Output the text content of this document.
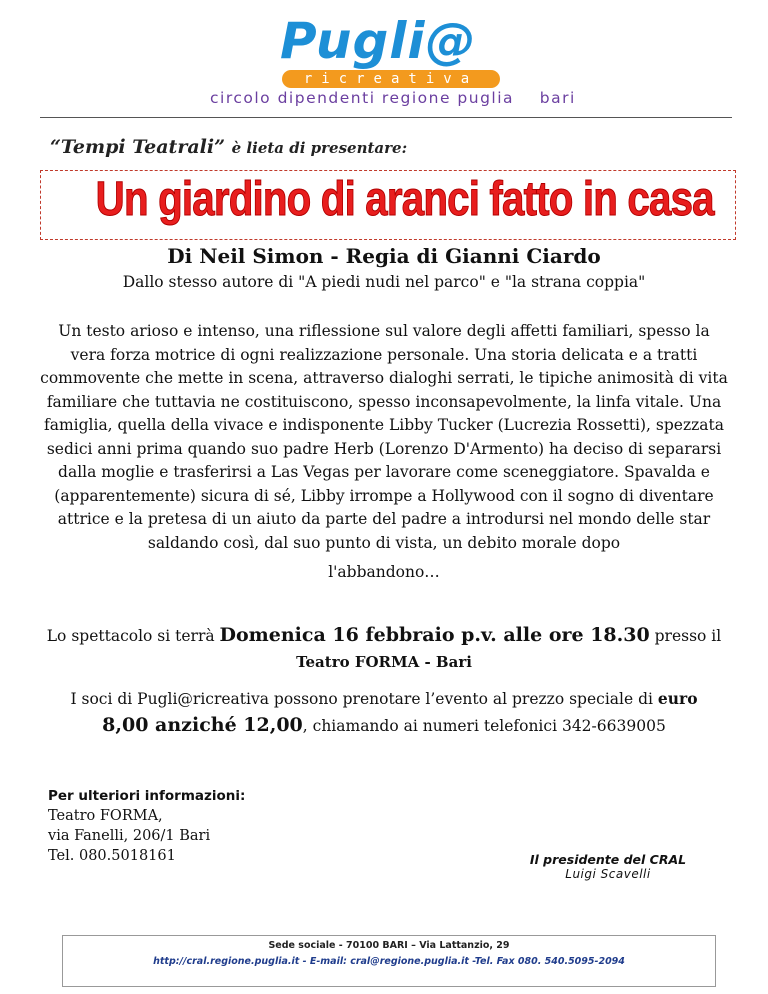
Pugli@
ricreativa
circolo dipendenti regione puglia    bari
“Tempi Teatrali” è lieta di presentare:
Un giardino di aranci fatto in casa
Di Neil Simon - Regia di Gianni Ciardo
Dallo stesso autore di "A piedi nudi nel parco" e "la strana coppia"
Un testo arioso e intenso, una riflessione sul valore degli affetti familiari, spesso la vera forza motrice di ogni realizzazione personale. Una storia delicata e a tratti commovente che mette in scena, attraverso dialoghi serrati, le tipiche animosità di vita familiare che tuttavia ne costituiscono, spesso inconsapevolmente, la linfa vitale. Una famiglia, quella della vivace e indisponente Libby Tucker (Lucrezia Rossetti), spezzata sedici anni prima quando suo padre Herb (Lorenzo D'Armento) ha deciso di separarsi dalla moglie e trasferirsi a Las Vegas per lavorare come sceneggiatore. Spavalda e (apparentemente) sicura di sé, Libby irrompe a Hollywood con il sogno di diventare attrice e la pretesa di un aiuto da parte del padre a introdursi nel mondo delle star saldando così, dal suo punto di vista, un debito morale dopo
l'abbandono…
Lo spettacolo si terrà Domenica 16 febbraio p.v. alle ore 18.30 presso il
Teatro FORMA - Bari
I soci di Pugli@ricreativa possono prenotare l’evento al prezzo speciale di euro
8,00 anziché 12,00, chiamando ai numeri telefonici 342-6639005
Per ulteriori informazioni:
Teatro FORMA,
via Fanelli, 206/1 Bari
Tel. 080.5018161	Il presidente del CRAL
Luigi Scavelli
Sede sociale - 70100 BARI – Via Lattanzio, 29
http://cral.regione.puglia.it - E-mail: cral@regione.puglia.it -Tel. Fax 080. 540.5095-2094
